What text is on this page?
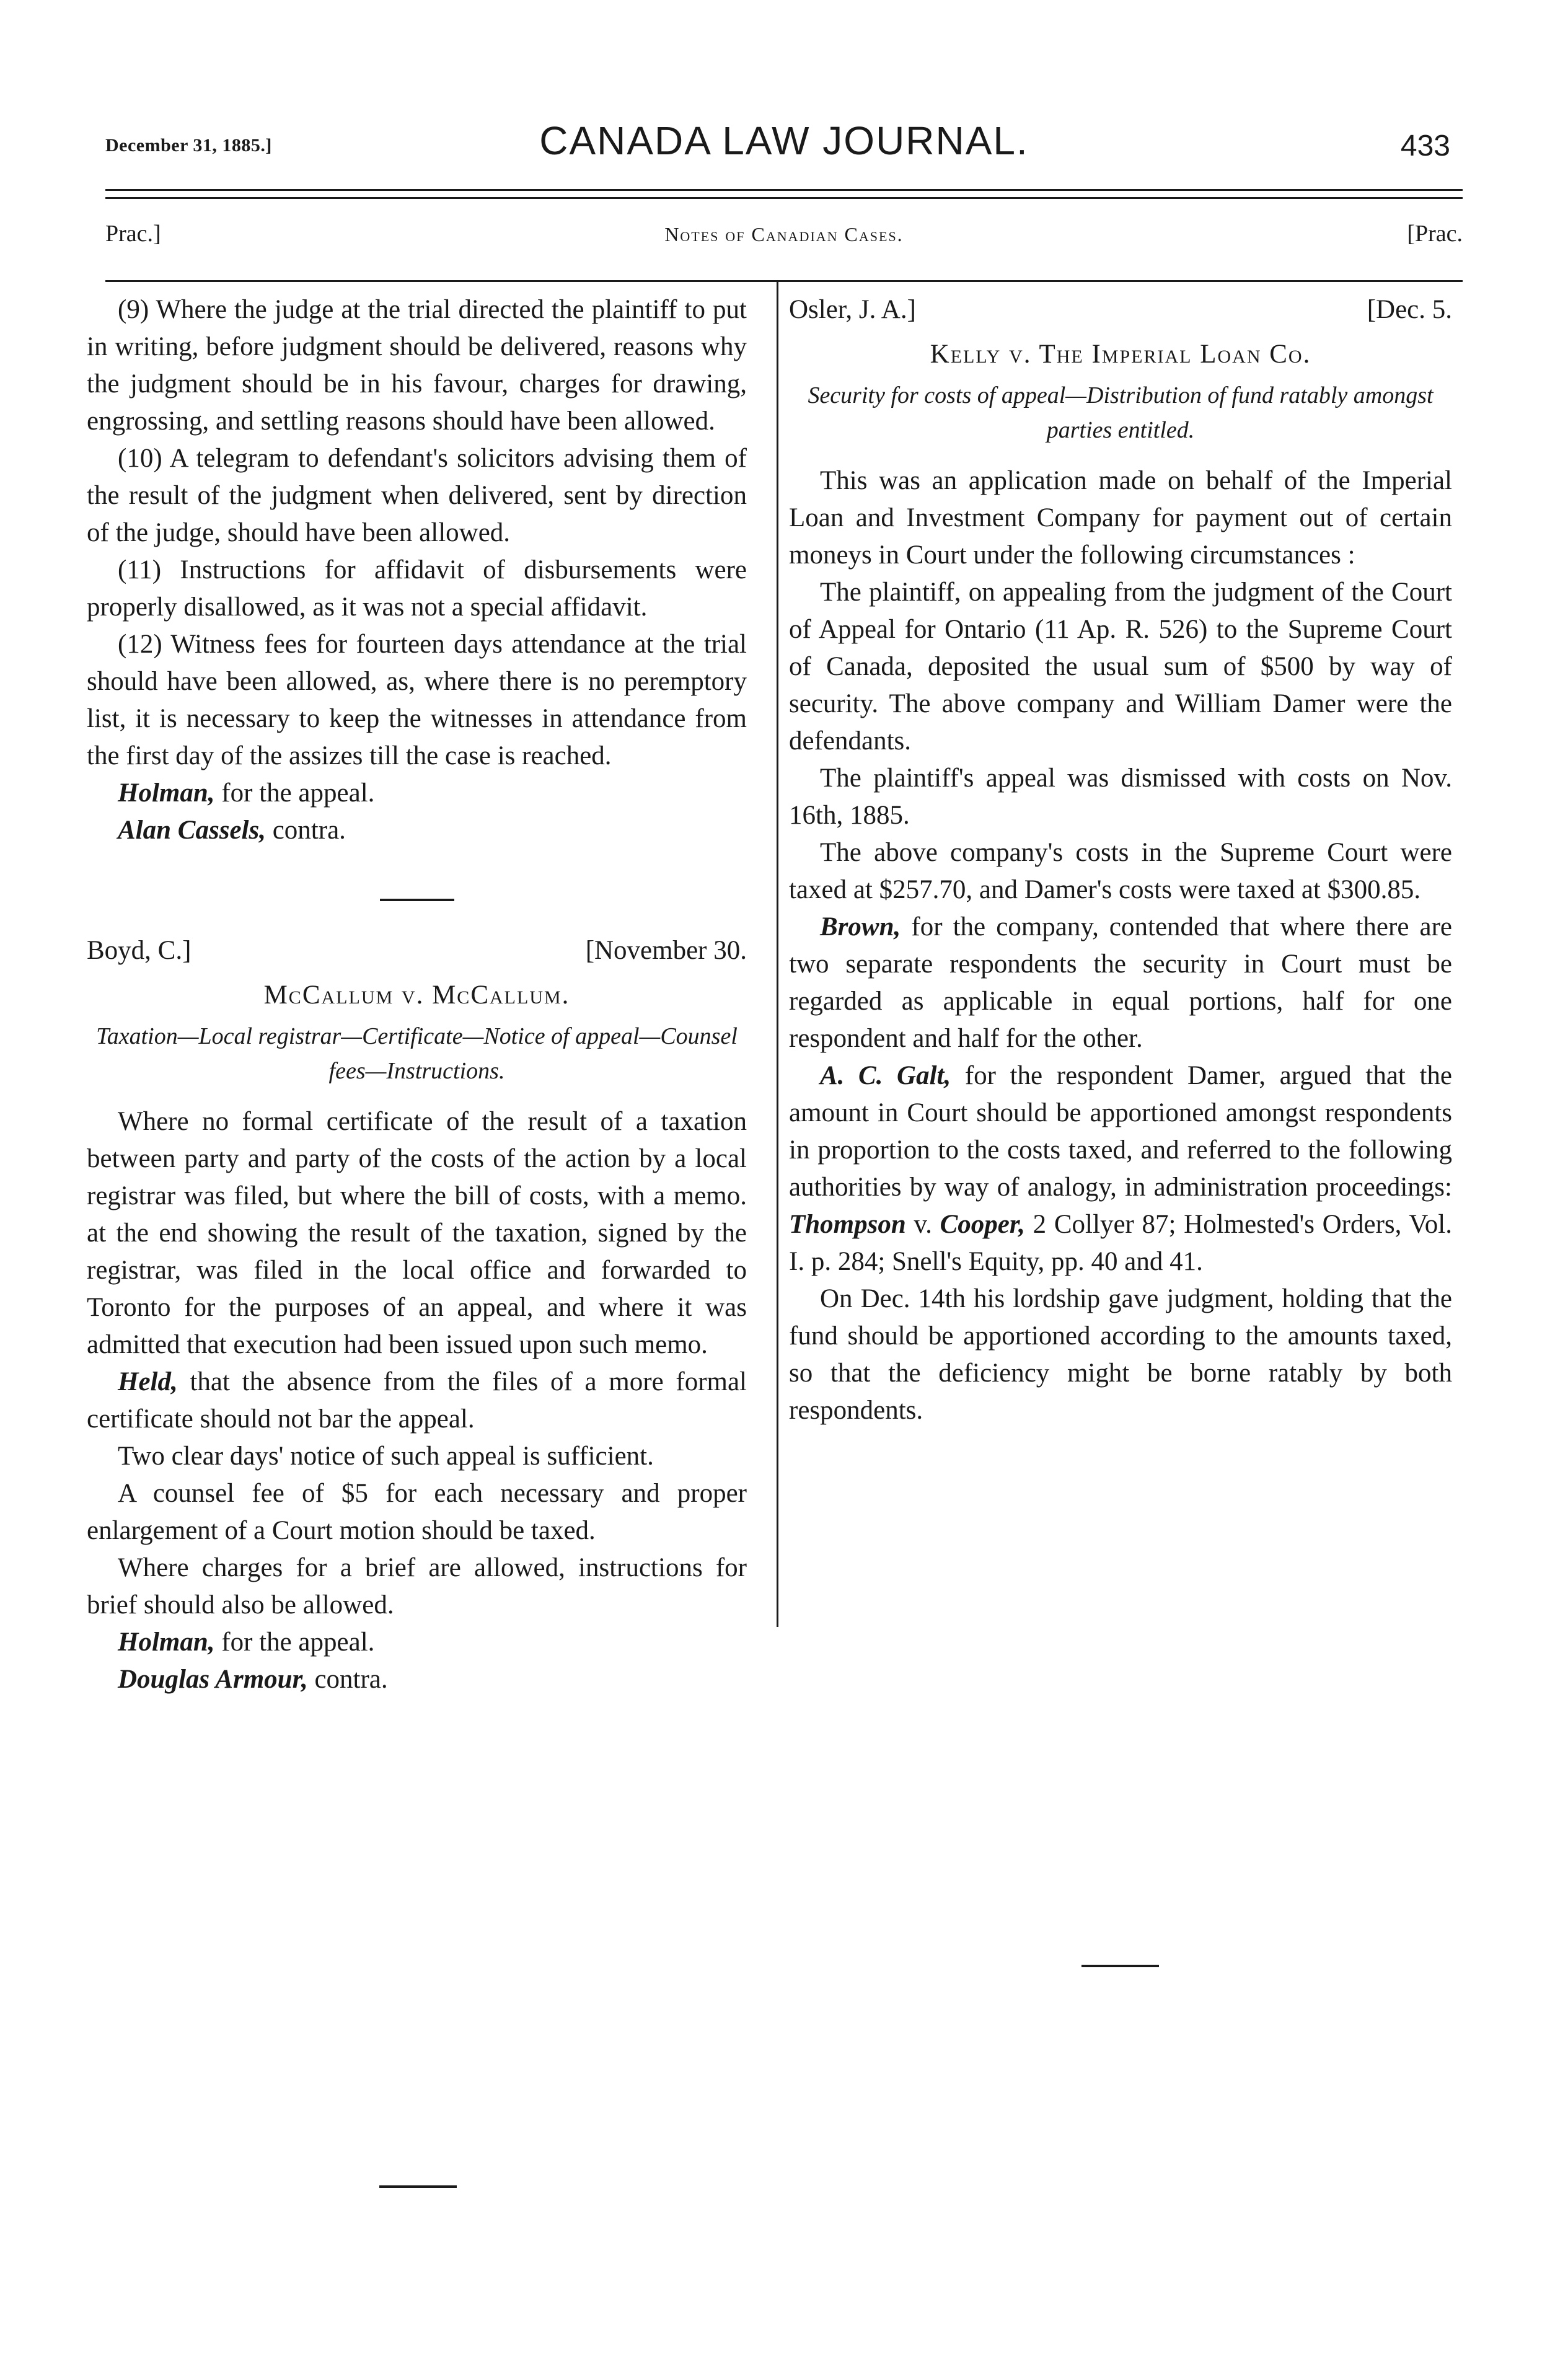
December 31, 1885.]	CANADA LAW JOURNAL.	433
Prac.]	Notes of Canadian Cases.	[Prac.

(9) Where the judge at the trial directed the plaintiff to put in writing, before judgment should be delivered, reasons why the judgment should be in his favour, charges for drawing, engrossing, and settling reasons should have been allowed.

(10) A telegram to defendant's solicitors advising them of the result of the judgment when delivered, sent by direction of the judge, should have been allowed.

(11) Instructions for affidavit of disbursements were properly disallowed, as it was not a special affidavit.

(12) Witness fees for fourteen days attendance at the trial should have been allowed, as, where there is no peremptory list, it is necessary to keep the witnesses in attendance from the first day of the assizes till the case is reached.

Holman, for the appeal.

Alan Cassels, contra.

Boyd, C.]	[November 30.
McCallum v. McCallum.
Taxation—Local registrar—Certificate—Notice of appeal—Counsel fees—Instructions.

Where no formal certificate of the result of a taxation between party and party of the costs of the action by a local registrar was filed, but where the bill of costs, with a memo. at the end showing the result of the taxation, signed by the registrar, was filed in the local office and forwarded to Toronto for the purposes of an appeal, and where it was admitted that execution had been issued upon such memo.

Held, that the absence from the files of a more formal certificate should not bar the appeal.

Two clear days' notice of such appeal is sufficient.

A counsel fee of $5 for each necessary and proper enlargement of a Court motion should be taxed.

Where charges for a brief are allowed, instructions for brief should also be allowed.

Holman, for the appeal.

Douglas Armour, contra.

Osler, J. A.]	[Dec. 5.
Kelly v. The Imperial Loan Co.
Security for costs of appeal—Distribution of fund ratably amongst parties entitled.

This was an application made on behalf of the Imperial Loan and Investment Company for payment out of certain moneys in Court under the following circumstances :

The plaintiff, on appealing from the judgment of the Court of Appeal for Ontario (11 Ap. R. 526) to the Supreme Court of Canada, deposited the usual sum of $500 by way of security. The above company and William Damer were the defendants.

The plaintiff's appeal was dismissed with costs on Nov. 16th, 1885.

The above company's costs in the Supreme Court were taxed at $257.70, and Damer's costs were taxed at $300.85.

Brown, for the company, contended that where there are two separate respondents the security in Court must be regarded as applicable in equal portions, half for one respondent and half for the other.

A. C. Galt, for the respondent Damer, argued that the amount in Court should be apportioned amongst respondents in proportion to the costs taxed, and referred to the following authorities by way of analogy, in administration proceedings: Thompson v. Cooper, 2 Collyer 87; Holmested's Orders, Vol. I. p. 284; Snell's Equity, pp. 40 and 41.

On Dec. 14th his lordship gave judgment, holding that the fund should be apportioned according to the amounts taxed, so that the deficiency might be borne ratably by both respondents.
